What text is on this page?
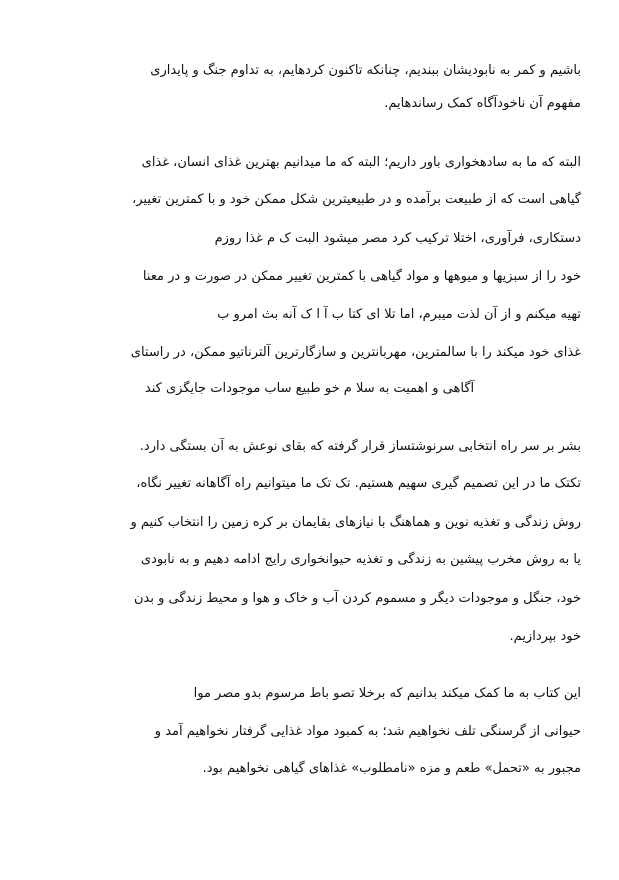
باشیم و کمر به نابودیشان ببندیم، چنانکه تاکنون کردهایم، به تداوم جنگ و پایداری
مفهوم آن ناخودآگاه کمک رساندهایم.
البته که ما به سادهخواری باور داریم؛ البته که ما میدانیم بهترین غذای انسان، غذای
گیاهی است که از طبیعت برآمده و در طبیعیترین شکل ممکن خود و با کمترین تغییر،
دستکاری، فرآوری، اختلا ترکیب کرد مصر میشود البت ک م غذا روزم
خود را از سبزیها و میوهها و مواد گیاهی با کمترین تغییر ممکن در صورت و در معنا
تهیه میکنم و از آن لذت میبرم، اما تلا ای کتا ب آ ا ک آنه بث امرو ب
غذای خود میکند را با سالمترین، مهربانترین و سازگارترین آلترناتیو ممکن، در راستای
آگاهی و اهمیت به سلا م خو طبیع ساب موجودات جایگزی کند
بشر بر سر راه انتخابی سرنوشتساز قرار گرفته که بقای نوعش به آن بستگی دارد.
تکتک ما در این تصمیم گیری سهیم هستیم. تک تک ما میتوانیم راه آگاهانه تغییر نگاه،
روش زندگی و تغذیه نوین و هماهنگ با نیازهای بقایمان بر کره زمین را انتخاب کنیم و
یا به روش مخرب پیشین به زندگی و تغذیه حیوانخواری رایج ادامه دهیم و به نابودی
خود، جنگل و موجودات دیگر و مسموم کردن آب و خاک و هوا و محیط زندگی و بدن
خود بپردازیم.
این کتاب به ما کمک میکند بدانیم که برخلا تصو باط مرسوم بدو مصر موا
حیوانی از گرسنگی تلف نخواهیم شد؛ به کمبود مواد غذایی گرفتار نخواهیم آمد و
مجبور به «تحمل» طعم و مزه «نامطلوب» غذاهای گیاهی نخواهیم بود.
